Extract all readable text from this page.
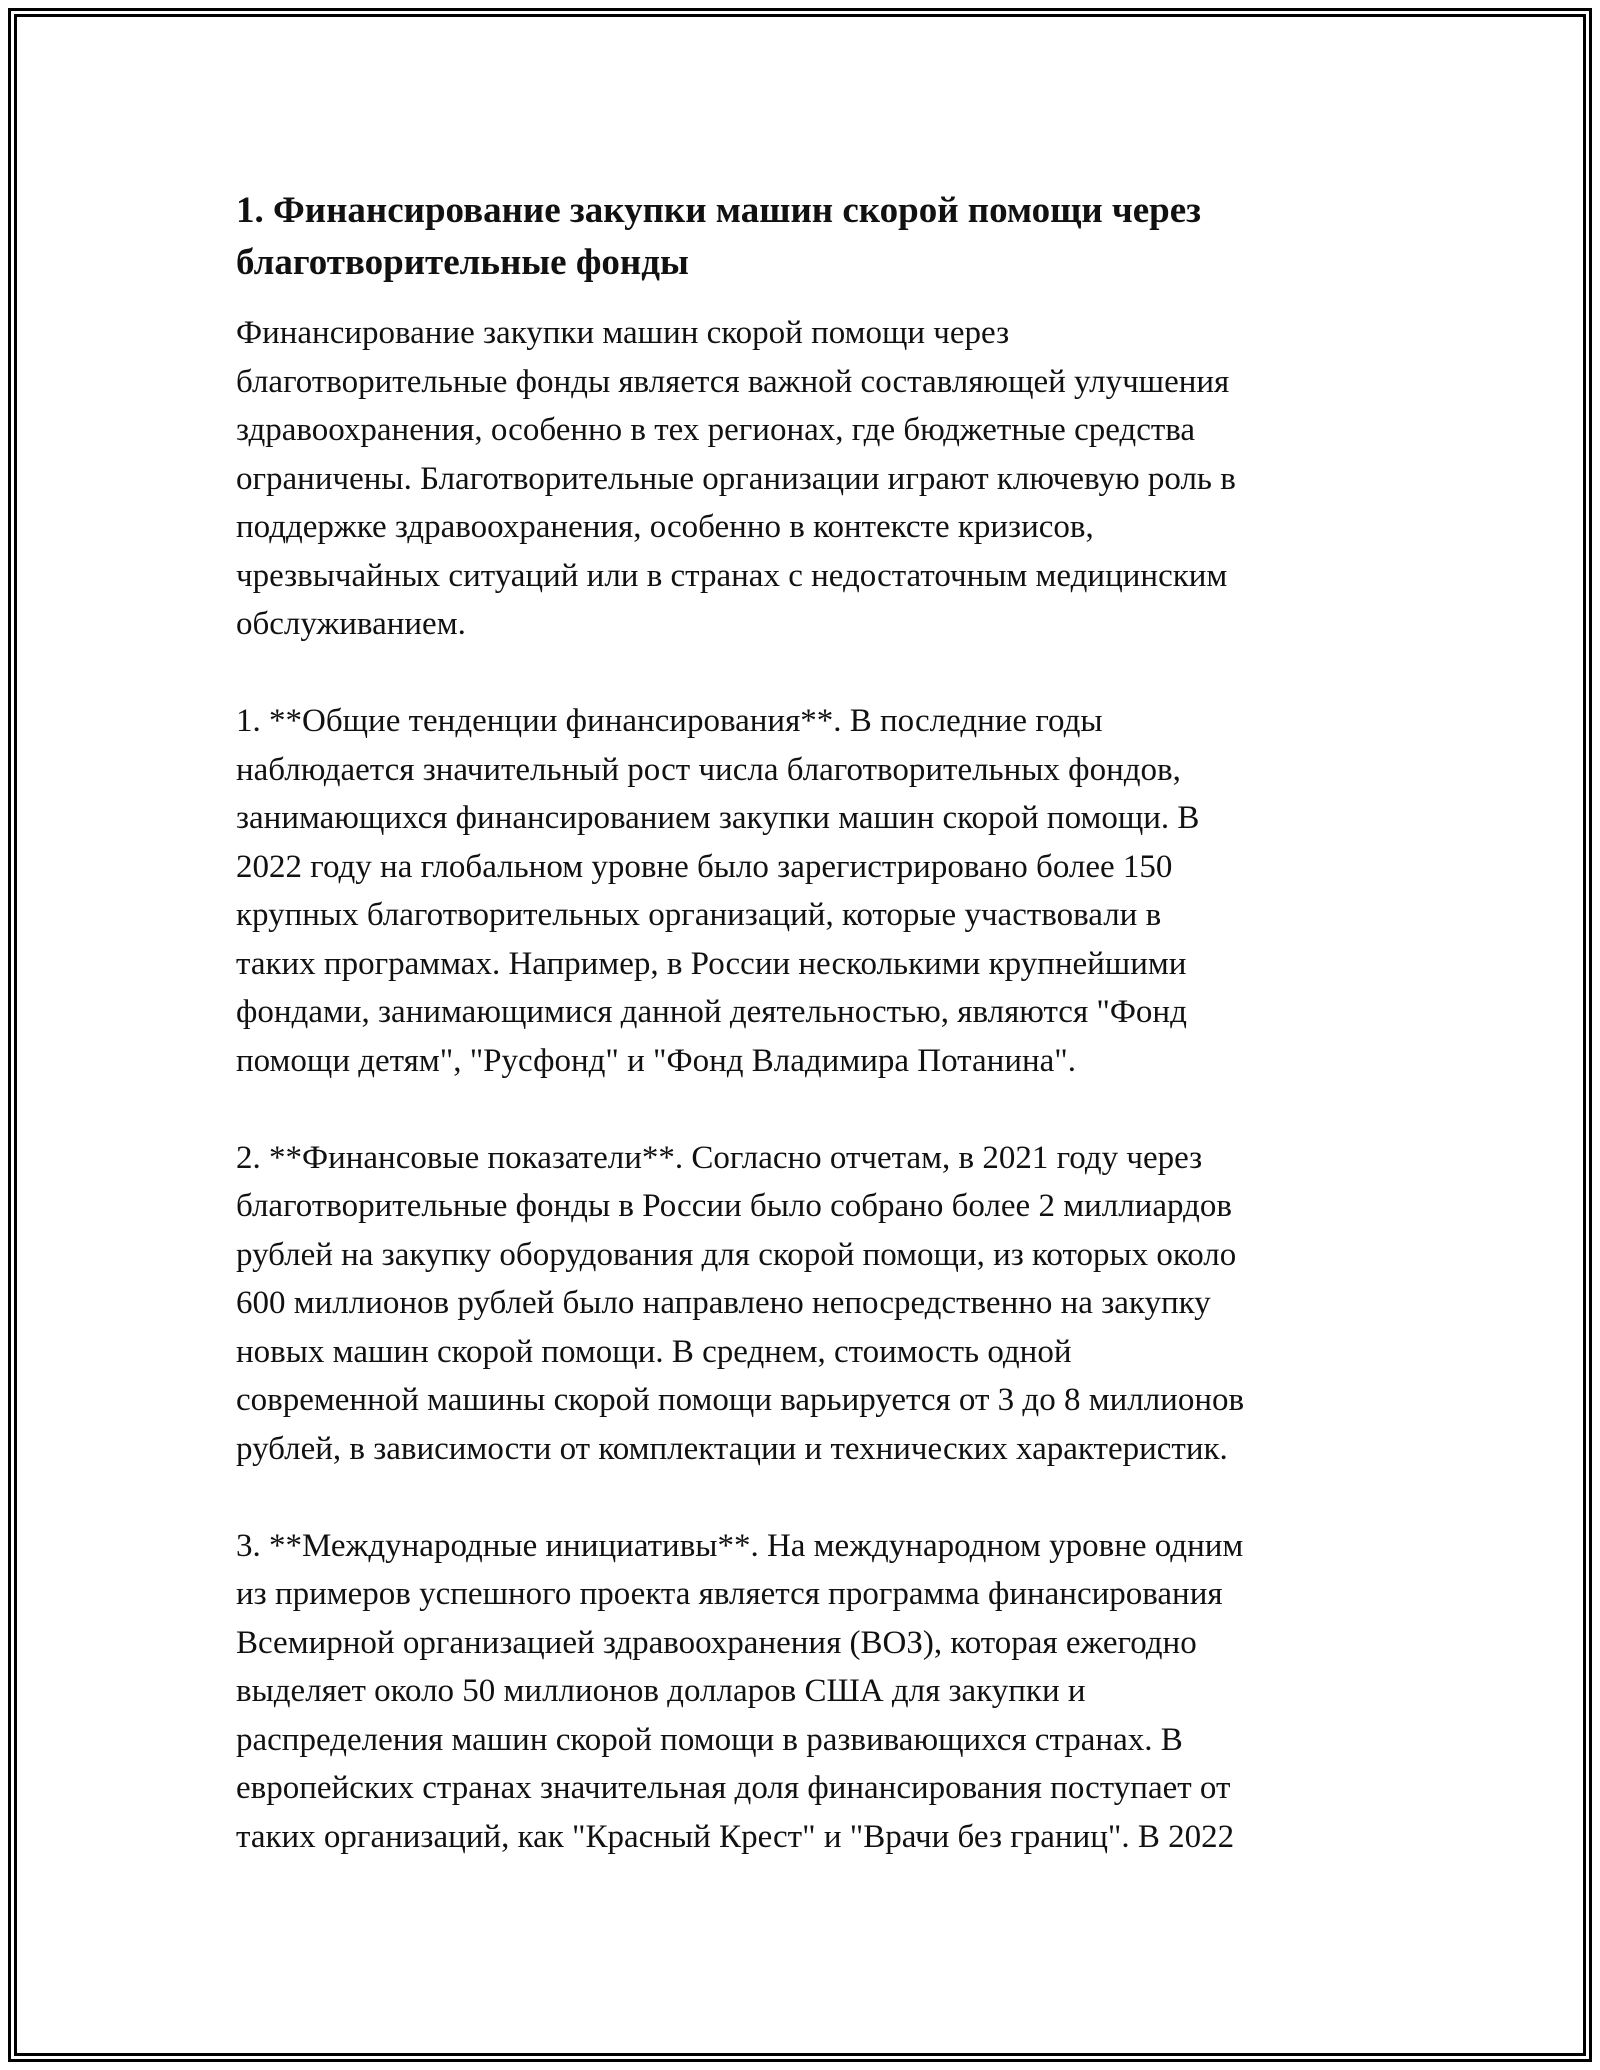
1. Финансирование закупки машин скорой помощи через
благотворительные фонды
Финансирование закупки машин скорой помощи через
благотворительные фонды является важной составляющей улучшения
здравоохранения, особенно в тех регионах, где бюджетные средства
ограничены. Благотворительные организации играют ключевую роль в
поддержке здравоохранения, особенно в контексте кризисов,
чрезвычайных ситуаций или в странах с недостаточным медицинским
обслуживанием.
1. **Общие тенденции финансирования**. В последние годы
наблюдается значительный рост числа благотворительных фондов,
занимающихся финансированием закупки машин скорой помощи. В
2022 году на глобальном уровне было зарегистрировано более 150
крупных благотворительных организаций, которые участвовали в
таких программах. Например, в России несколькими крупнейшими
фондами, занимающимися данной деятельностью, являются "Фонд
помощи детям", "Русфонд" и "Фонд Владимира Потанина".
2. **Финансовые показатели**. Согласно отчетам, в 2021 году через
благотворительные фонды в России было собрано более 2 миллиардов
рублей на закупку оборудования для скорой помощи, из которых около
600 миллионов рублей было направлено непосредственно на закупку
новых машин скорой помощи. В среднем, стоимость одной
современной машины скорой помощи варьируется от 3 до 8 миллионов
рублей, в зависимости от комплектации и технических характеристик.
3. **Международные инициативы**. На международном уровне одним
из примеров успешного проекта является программа финансирования
Всемирной организацией здравоохранения (ВОЗ), которая ежегодно
выделяет около 50 миллионов долларов США для закупки и
распределения машин скорой помощи в развивающихся странах. В
европейских странах значительная доля финансирования поступает от
таких организаций, как "Красный Крест" и "Врачи без границ". В 2022
